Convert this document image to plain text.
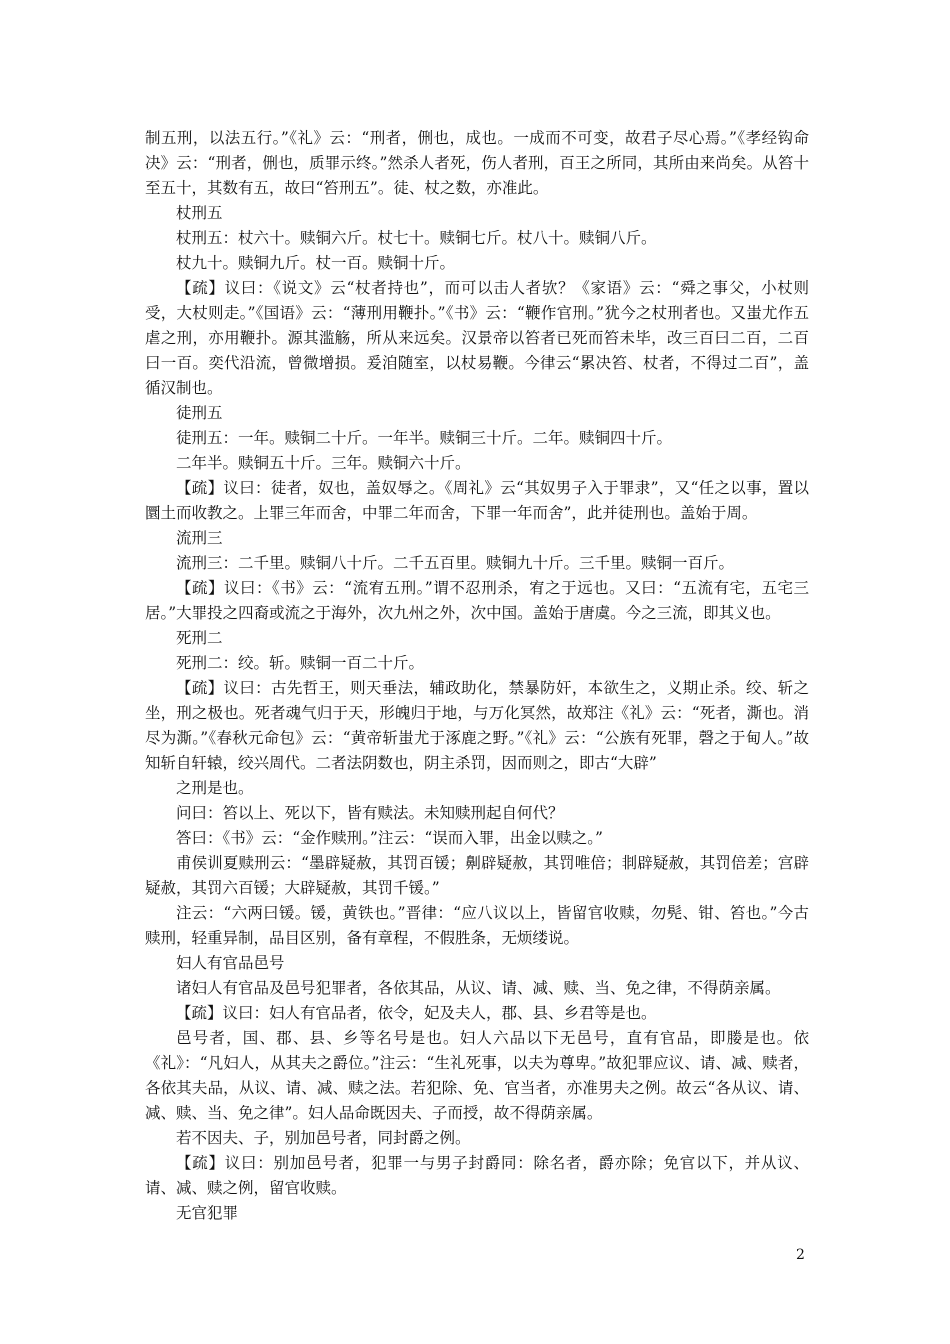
制五刑，以法五行。”《礼》云：“刑者，侀也，成也。一成而不可变，故君子尽心焉。”《孝经钩命决》云：“刑者，侀也，质罪示终。”然杀人者死，伤人者刑，百王之所同，其所由来尚矣。从笞十至五十，其数有五，故曰“笞刑五”。徒、杖之数，亦准此。

杖刑五

杖刑五：杖六十。赎铜六斤。杖七十。赎铜七斤。杖八十。赎铜八斤。

杖九十。赎铜九斤。杖一百。赎铜十斤。

【疏】议曰：《说文》云“杖者持也”，而可以击人者欤？《家语》云：“舜之事父，小杖则受，大杖则走。”《国语》云：“薄刑用鞭扑。”《书》云：“鞭作官刑。”犹今之杖刑者也。又蚩尤作五虐之刑，亦用鞭扑。源其滥觞，所从来远矣。汉景帝以笞者已死而笞未毕，改三百曰二百，二百曰一百。奕代沿流，曾微增损。爰洎随室，以杖易鞭。今律云“累决笞、杖者，不得过二百”，盖循汉制也。

徒刑五

徒刑五：一年。赎铜二十斤。一年半。赎铜三十斤。二年。赎铜四十斤。

二年半。赎铜五十斤。三年。赎铜六十斤。

【疏】议曰：徒者，奴也，盖奴辱之。《周礼》云“其奴男子入于罪隶”，又“任之以事，置以圜土而收教之。上罪三年而舍，中罪二年而舍，下罪一年而舍”，此并徒刑也。盖始于周。

流刑三

流刑三：二千里。赎铜八十斤。二千五百里。赎铜九十斤。三千里。赎铜一百斤。

【疏】议曰：《书》云：“流宥五刑。”谓不忍刑杀，宥之于远也。又曰：“五流有宅，五宅三居。”大罪投之四裔或流之于海外，次九州之外，次中国。盖始于唐虞。今之三流，即其义也。

死刑二

死刑二：绞。斩。赎铜一百二十斤。

【疏】议曰：古先哲王，则天垂法，辅政助化，禁暴防奸，本欲生之，义期止杀。绞、斩之坐，刑之极也。死者魂气归于天，形魄归于地，与万化冥然，故郑注《礼》云：“死者，澌也。消尽为澌。”《春秋元命包》云：“黄帝斩蚩尤于涿鹿之野。”《礼》云：“公族有死罪，磬之于甸人。”故知斩自轩辕，绞兴周代。二者法阴数也，阴主杀罚，因而则之，即古“大辟”

之刑是也。

问曰：笞以上、死以下，皆有赎法。未知赎刑起自何代？

答曰：《书》云：“金作赎刑。”注云：“误而入罪，出金以赎之。”

甫侯训夏赎刑云：“墨辟疑赦，其罚百锾；劓辟疑赦，其罚唯倍；剕辟疑赦，其罚倍差；宫辟疑赦，其罚六百锾；大辟疑赦，其罚千锾。”

注云：“六两曰锾。锾，黄铁也。”晋律：“应八议以上，皆留官收赎，勿髡、钳、笞也。”今古赎刑，轻重异制，品目区别，备有章程，不假胜条，无烦缕说。

妇人有官品邑号

诸妇人有官品及邑号犯罪者，各依其品，从议、请、减、赎、当、免之律，不得荫亲属。

【疏】议曰：妇人有官品者，依令，妃及夫人，郡、县、乡君等是也。

邑号者，国、郡、县、乡等名号是也。妇人六品以下无邑号，直有官品，即媵是也。依《礼》：“凡妇人，从其夫之爵位。”注云：“生礼死事，以夫为尊卑。”故犯罪应议、请、减、赎者，各依其夫品，从议、请、减、赎之法。若犯除、免、官当者，亦准男夫之例。故云“各从议、请、减、赎、当、免之律”。妇人品命既因夫、子而授，故不得荫亲属。

若不因夫、子，别加邑号者，同封爵之例。

【疏】议曰：别加邑号者，犯罪一与男子封爵同：除名者，爵亦除；免官以下，并从议、请、减、赎之例，留官收赎。

无官犯罪

2
